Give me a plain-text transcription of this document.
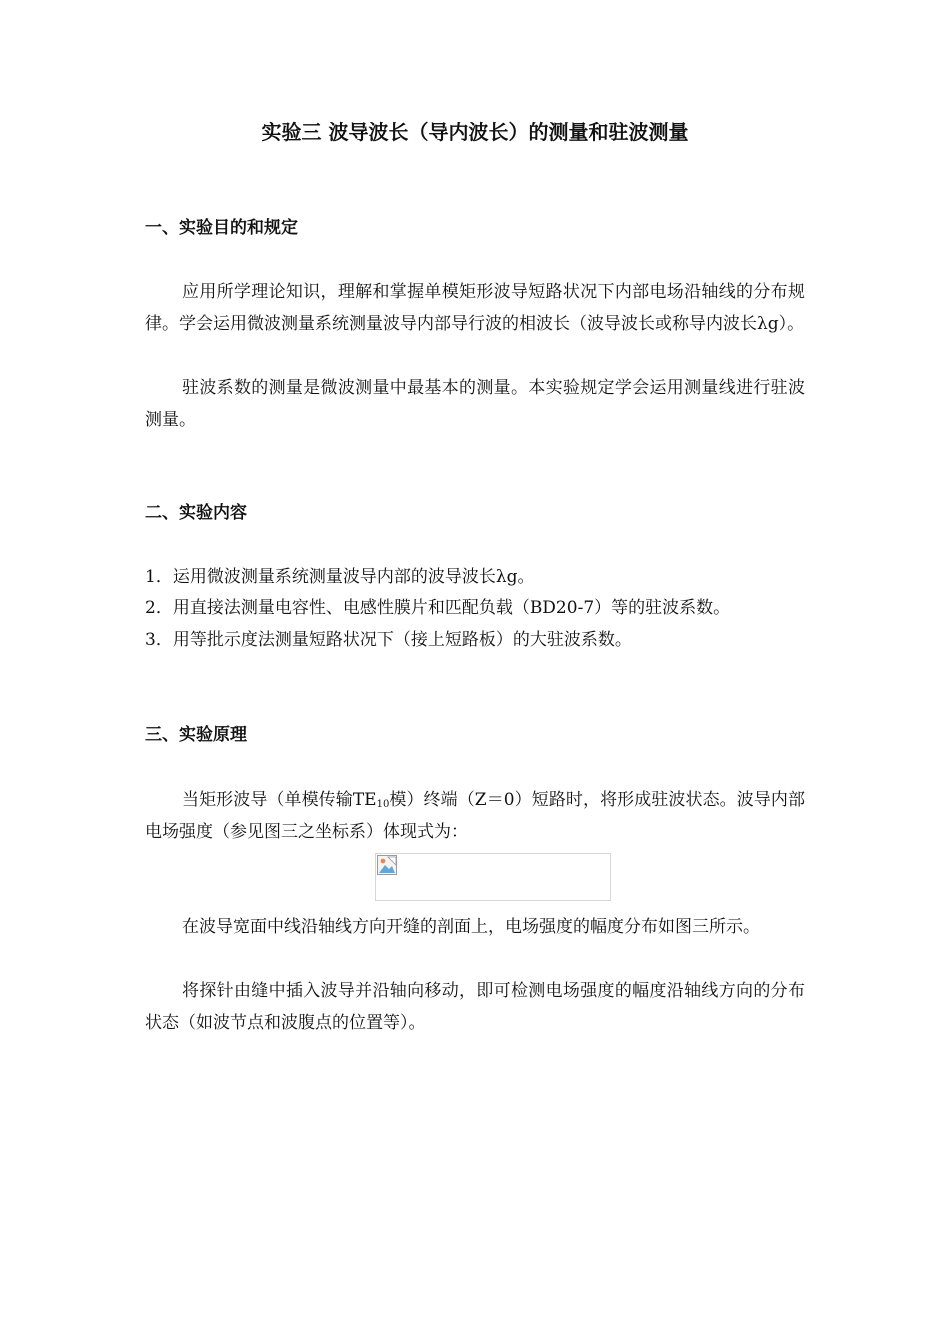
实验三 波导波长（导内波长）的测量和驻波测量
一、实验目的和规定
应用所学理论知识，理解和掌握单模矩形波导短路状况下内部电场沿轴线的分布规律。学会运用微波测量系统测量波导内部导行波的相波长（波导波长或称导内波长λg）。
驻波系数的测量是微波测量中最基本的测量。本实验规定学会运用测量线进行驻波测量。
二、实验内容
1．运用微波测量系统测量波导内部的波导波长λg。
2．用直接法测量电容性、电感性膜片和匹配负载（BD20-7）等的驻波系数。
3．用等批示度法测量短路状况下（接上短路板）的大驻波系数。
三、实验原理
当矩形波导（单模传输$TE_{10}$模）终端（Z＝0）短路时，将形成驻波状态。波导内部电场强度（参见图三之坐标系）体现式为：
在波导宽面中线沿轴线方向开缝的剖面上，电场强度的幅度分布如图三所示。
将探针由缝中插入波导并沿轴向移动，即可检测电场强度的幅度沿轴线方向的分布状态（如波节点和波腹点的位置等）。
